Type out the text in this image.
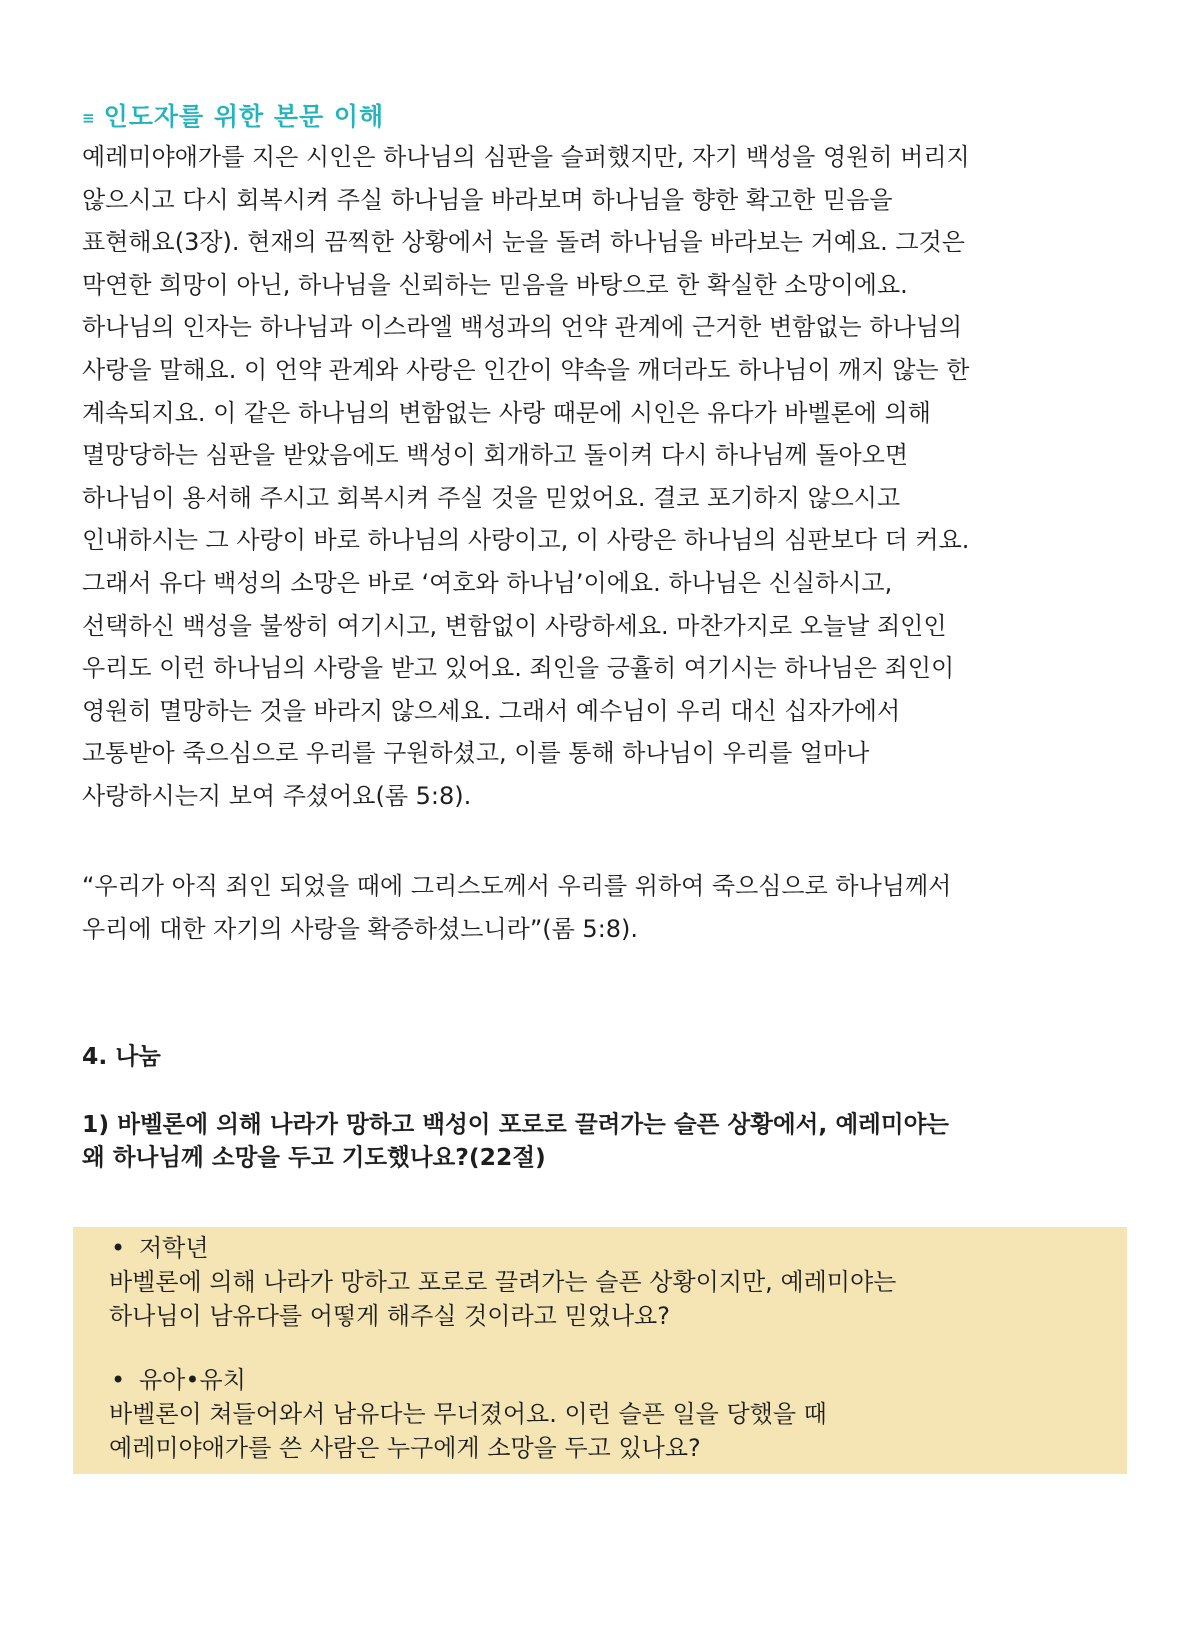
≡ 인도자를 위한 본문 이해
예레미야애가를 지은 시인은 하나님의 심판을 슬퍼했지만, 자기 백성을 영원히 버리지
않으시고 다시 회복시켜 주실 하나님을 바라보며 하나님을 향한 확고한 믿음을
표현해요(3장). 현재의 끔찍한 상황에서 눈을 돌려 하나님을 바라보는 거예요. 그것은
막연한 희망이 아닌, 하나님을 신뢰하는 믿음을 바탕으로 한 확실한 소망이에요.
하나님의 인자는 하나님과 이스라엘 백성과의 언약 관계에 근거한 변함없는 하나님의
사랑을 말해요. 이 언약 관계와 사랑은 인간이 약속을 깨더라도 하나님이 깨지 않는 한
계속되지요. 이 같은 하나님의 변함없는 사랑 때문에 시인은 유다가 바벨론에 의해
멸망당하는 심판을 받았음에도 백성이 회개하고 돌이켜 다시 하나님께 돌아오면
하나님이 용서해 주시고 회복시켜 주실 것을 믿었어요. 결코 포기하지 않으시고
인내하시는 그 사랑이 바로 하나님의 사랑이고, 이 사랑은 하나님의 심판보다 더 커요.
그래서 유다 백성의 소망은 바로 ‘여호와 하나님’이에요. 하나님은 신실하시고,
선택하신 백성을 불쌍히 여기시고, 변함없이 사랑하세요. 마찬가지로 오늘날 죄인인
우리도 이런 하나님의 사랑을 받고 있어요. 죄인을 긍휼히 여기시는 하나님은 죄인이
영원히 멸망하는 것을 바라지 않으세요. 그래서 예수님이 우리 대신 십자가에서
고통받아 죽으심으로 우리를 구원하셨고, 이를 통해 하나님이 우리를 얼마나
사랑하시는지 보여 주셨어요(롬 5:8).
“우리가 아직 죄인 되었을 때에 그리스도께서 우리를 위하여 죽으심으로 하나님께서
우리에 대한 자기의 사랑을 확증하셨느니라”(롬 5:8).
4. 나눔
1) 바벨론에 의해 나라가 망하고 백성이 포로로 끌려가는 슬픈 상황에서, 예레미야는
왜 하나님께 소망을 두고 기도했나요?(22절)
• 저학년
바벨론에 의해 나라가 망하고 포로로 끌려가는 슬픈 상황이지만, 예레미야는
하나님이 남유다를 어떻게 해주실 것이라고 믿었나요?
• 유아•유치
바벨론이 쳐들어와서 남유다는 무너졌어요. 이런 슬픈 일을 당했을 때
예레미야애가를 쓴 사람은 누구에게 소망을 두고 있나요?
